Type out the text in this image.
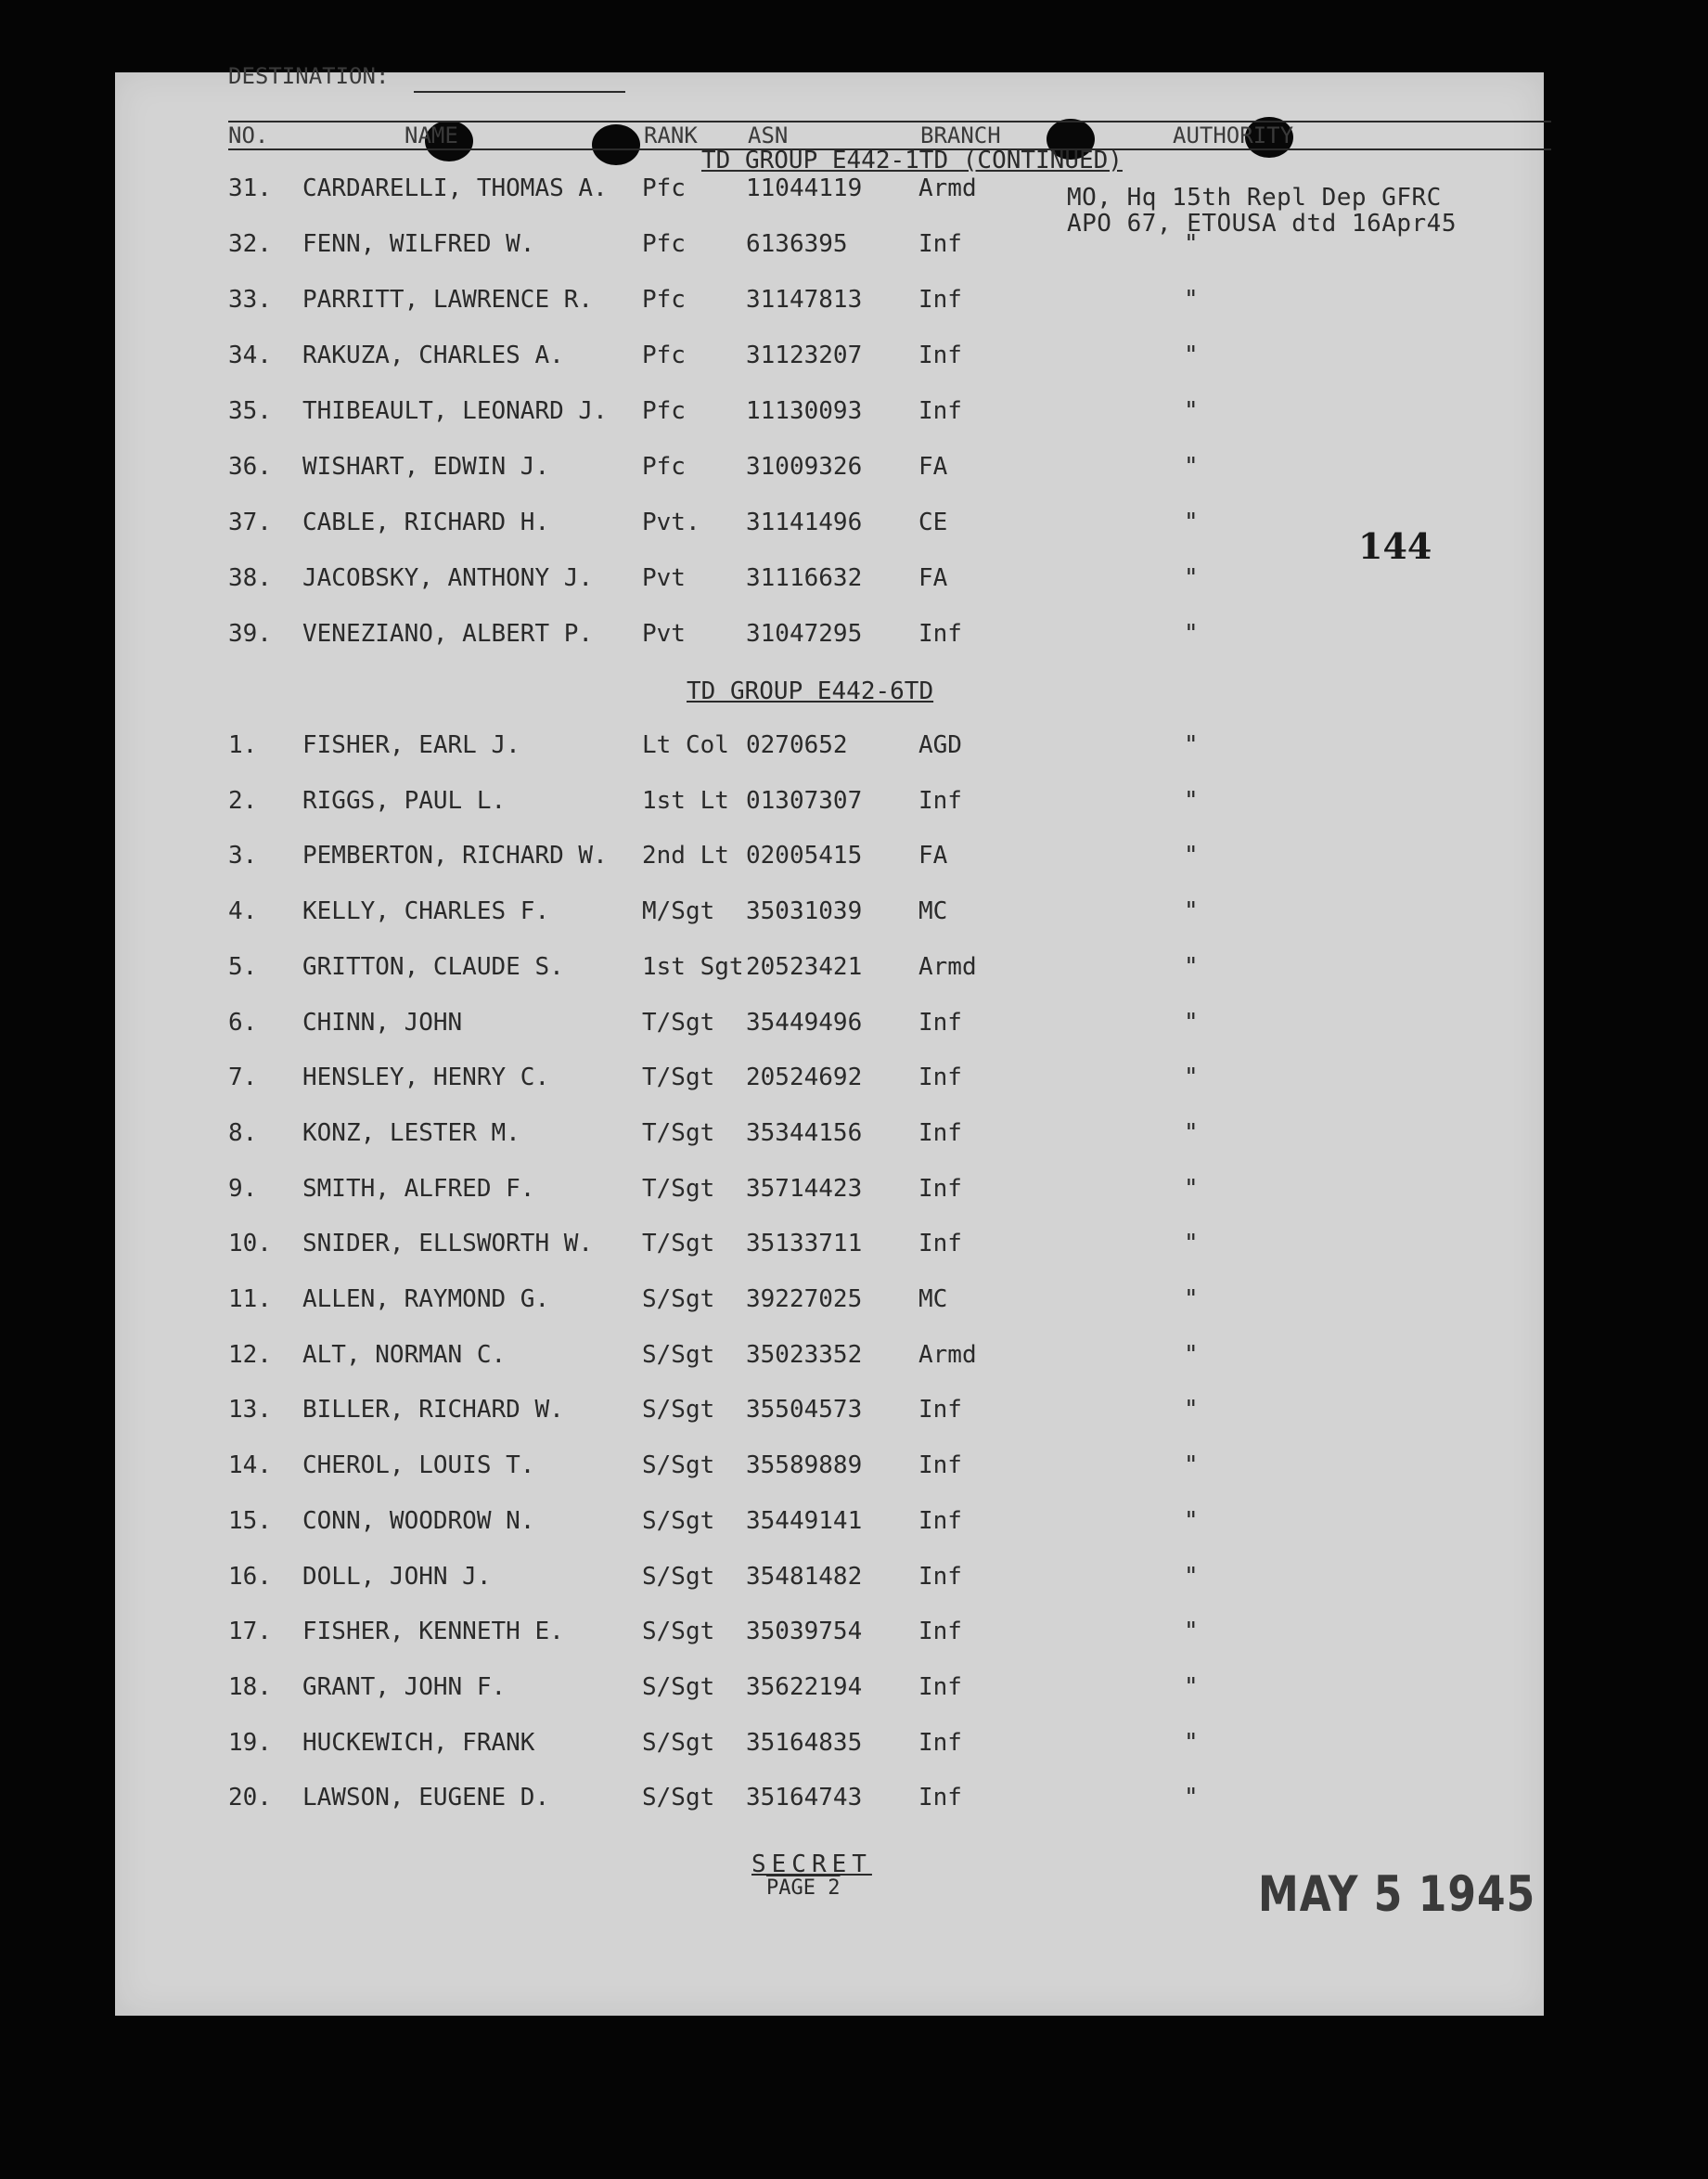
DESTINATION:
NO.	NAME	RANK ASN	BRANCH	AUTHORITY
TD GROUP E442-1TD (CONTINUED)
MO, Hq 15th Repl Dep GFRC
APO 67, ETOUSA dtd 16Apr45
31. CARDARELLI, THOMAS A. Pfc	11044119 Armd
32. FENN, WILFRED W.	Pfc	6136395	Inf	"
33. PARRITT, LAWRENCE R. Pfc	31147813 Inf	"
34. RAKUZA, CHARLES A.	Pfc	31123207 Inf	"
35. THIBEAULT, LEONARD J. Pfc	11130093 Inf	"
36. WISHART, EDWIN J.	Pfc	31009326 FA	"
37. CABLE, RICHARD H.	Pvt. 31141496 CE	"
38. JACOBSKY, ANTHONY J. Pvt	31116632 FA	"
39. VENEZIANO, ALBERT P. Pvt	31047295 Inf	"
144
TD GROUP E442-6TD
1. FISHER, EARL J.	Lt Col 0270652	AGD	"
2. RIGGS, PAUL L.	1st Lt 01307307 Inf	"
3. PEMBERTON, RICHARD W. 2nd Lt 02005415 FA	"
4. KELLY, CHARLES F.	M/Sgt 35031039 MC	"
5. GRITTON, CLAUDE S.	1st Sgt 20523421 Armd	"
6. CHINN, JOHN	T/Sgt 35449496 Inf	"
7. HENSLEY, HENRY C.	T/Sgt 20524692 Inf	"
8. KONZ, LESTER M.	T/Sgt 35344156 Inf	"
9. SMITH, ALFRED F.	T/Sgt 35714423 Inf	"
10. SNIDER, ELLSWORTH W. T/Sgt 35133711 Inf	"
11. ALLEN, RAYMOND G.	S/Sgt 39227025 MC	"
12. ALT, NORMAN C.	S/Sgt 35023352 Armd	"
13. BILLER, RICHARD W.	S/Sgt 35504573 Inf	"
14. CHEROL, LOUIS T.	S/Sgt 35589889 Inf	"
15. CONN, WOODROW N.	S/Sgt 35449141 Inf	"
16. DOLL, JOHN J.	S/Sgt 35481482 Inf	"
17. FISHER, KENNETH E.	S/Sgt 35039754 Inf	"
18. GRANT, JOHN F.	S/Sgt 35622194 Inf	"
19. HUCKEWICH, FRANK	S/Sgt 35164835 Inf	"
20. LAWSON, EUGENE D.	S/Sgt 35164743 Inf	"
SECRET
PAGE 2	MAY 5 1945
